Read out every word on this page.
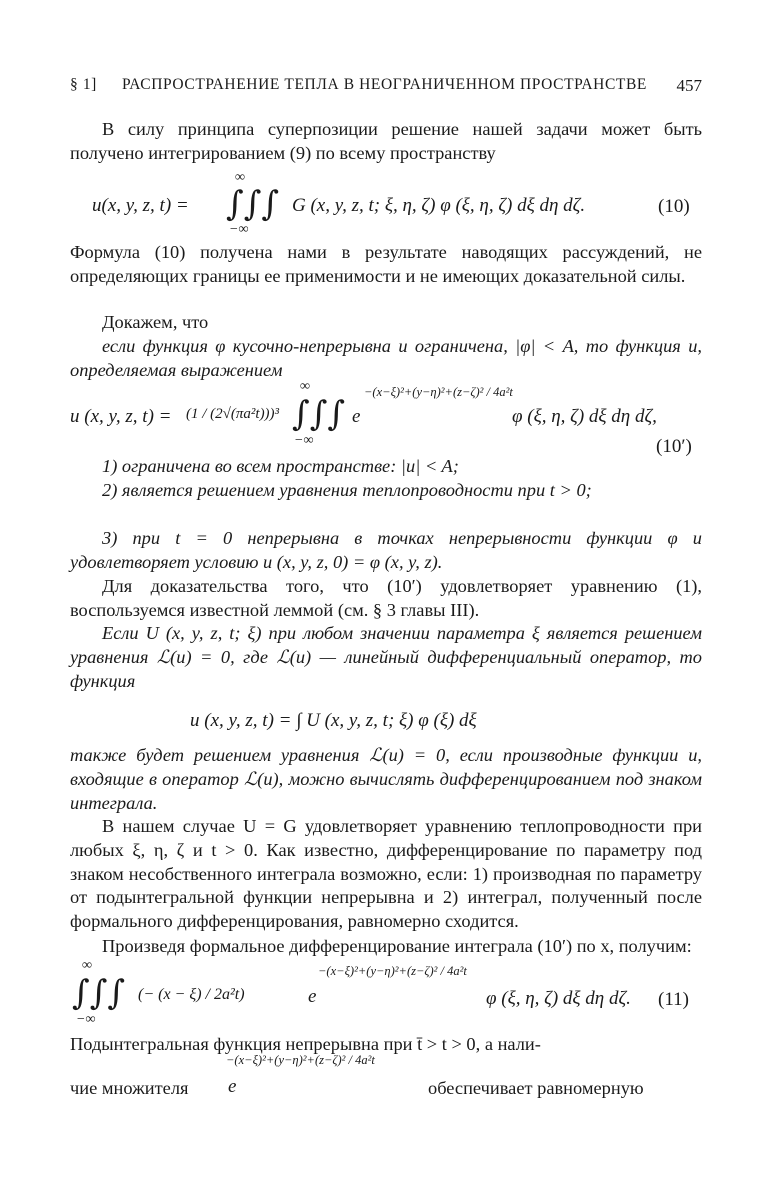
§ 1] РАСПРОСТРАНЕНИЕ ТЕПЛА В НЕОГРАНИЧЕННОМ ПРОСТРАНСТВЕ 457

В силу принципа суперпозиции решение нашей задачи может быть получено интегрированием (9) по всему пространству

∞
u(x, y, z, t) = ∫∫∫ G (x, y, z, t; ξ, η, ζ) φ (ξ, η, ζ) dξ dη dζ.
−∞
(10)

Формула (10) получена нами в результате наводящих рассуждений, не определяющих границы ее применимости и не имеющих доказательной силы.

Докажем, что

если функция φ кусочно-непрерывна и ограничена, |φ| < A, то функция u, определяемая выражением

u (x, y, z, t) = (1 / (2√(πa²t)))³
∞
∫∫∫
−∞
e
−(x−ξ)²+(y−η)²+(z−ζ)² / 4a²t
φ (ξ, η, ζ) dξ dη dζ,
(10′)

1) ограничена во всем пространстве: |u| < A;

2) является решением уравнения теплопроводности при t > 0;

3) при t = 0 непрерывна в точках непрерывности функции φ и удовлетворяет условию u (x, y, z, 0) = φ (x, y, z).

Для доказательства того, что (10′) удовлетворяет уравнению (1), воспользуемся известной леммой (см. § 3 главы III).

Если U (x, y, z, t; ξ) при любом значении параметра ξ является решением уравнения ℒ(u) = 0, где ℒ(u) — линейный дифференциальный оператор, то функция

u (x, y, z, t) = ∫ U (x, y, z, t; ξ) φ (ξ) dξ

также будет решением уравнения ℒ(u) = 0, если производные функции u, входящие в оператор ℒ(u), можно вычислять дифференцированием под знаком интеграла.

В нашем случае U = G удовлетворяет уравнению теплопроводности при любых ξ, η, ζ и t > 0. Как известно, дифференцирование по параметру под знаком несобственного интеграла возможно, если: 1) производная по параметру от подынтегральной функции непрерывна и 2) интеграл, полученный после формального дифференцирования, равномерно сходится.

Произведя формальное дифференцирование интеграла (10′) по x, получим:

∞
∫∫∫
−∞
(− (x − ξ) / 2a²t)	e
−(x−ξ)²+(y−η)²+(z−ζ)² / 4a²t
φ (ξ, η, ζ) dξ dη dζ. (11)

Подынтегральная функция непрерывна при t̄ > t > 0, а нали-

чие множителя e
−(x−ξ)²+(y−η)²+(z−ζ)² / 4a²t
обеспечивает равномерную
